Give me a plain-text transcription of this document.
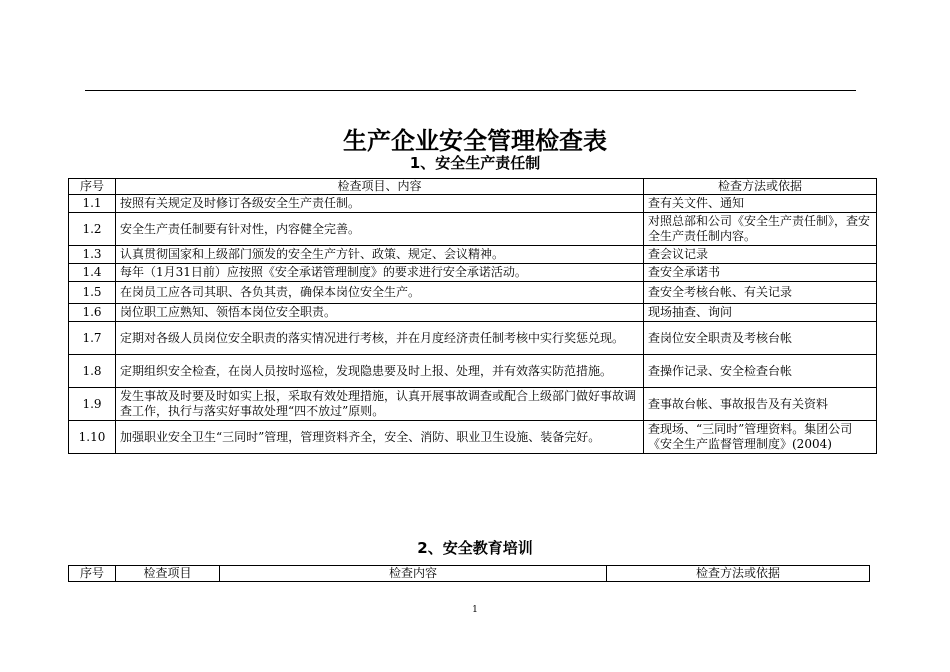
生产企业安全管理检查表
1、安全生产责任制
序号	检查项目、内容	检查方法或依据
1.1	按照有关规定及时修订各级安全生产责任制。	查有关文件、通知
1.2	安全生产责任制要有针对性，内容健全完善。	对照总部和公司《安全生产责任制》，查安全生产责任制内容。
1.3	认真贯彻国家和上级部门颁发的安全生产方针、政策、规定、会议精神。	查会议记录
1.4	每年（1月31日前）应按照《安全承诺管理制度》的要求进行安全承诺活动。	查安全承诺书
1.5	在岗员工应各司其职、各负其责，确保本岗位安全生产。	查安全考核台帐、有关记录
1.6	岗位职工应熟知、领悟本岗位安全职责。	现场抽查、询问
1.7	定期对各级人员岗位安全职责的落实情况进行考核，并在月度经济责任制考核中实行奖惩兑现。	查岗位安全职责及考核台帐
1.8	定期组织安全检查，在岗人员按时巡检，发现隐患要及时上报、处理，并有效落实防范措施。	查操作记录、安全检查台帐
1.9	发生事故及时要及时如实上报，采取有效处理措施，认真开展事故调查或配合上级部门做好事故调查工作，执行与落实好事故处理“四不放过”原则。	查事故台帐、事故报告及有关资料
1.10	加强职业安全卫生“三同时”管理，管理资料齐全，安全、消防、职业卫生设施、装备完好。	查现场、“三同时”管理资料。集团公司《安全生产监督管理制度》(2004)
2、安全教育培训
序号	检查项目	检查内容	检查方法或依据
1
